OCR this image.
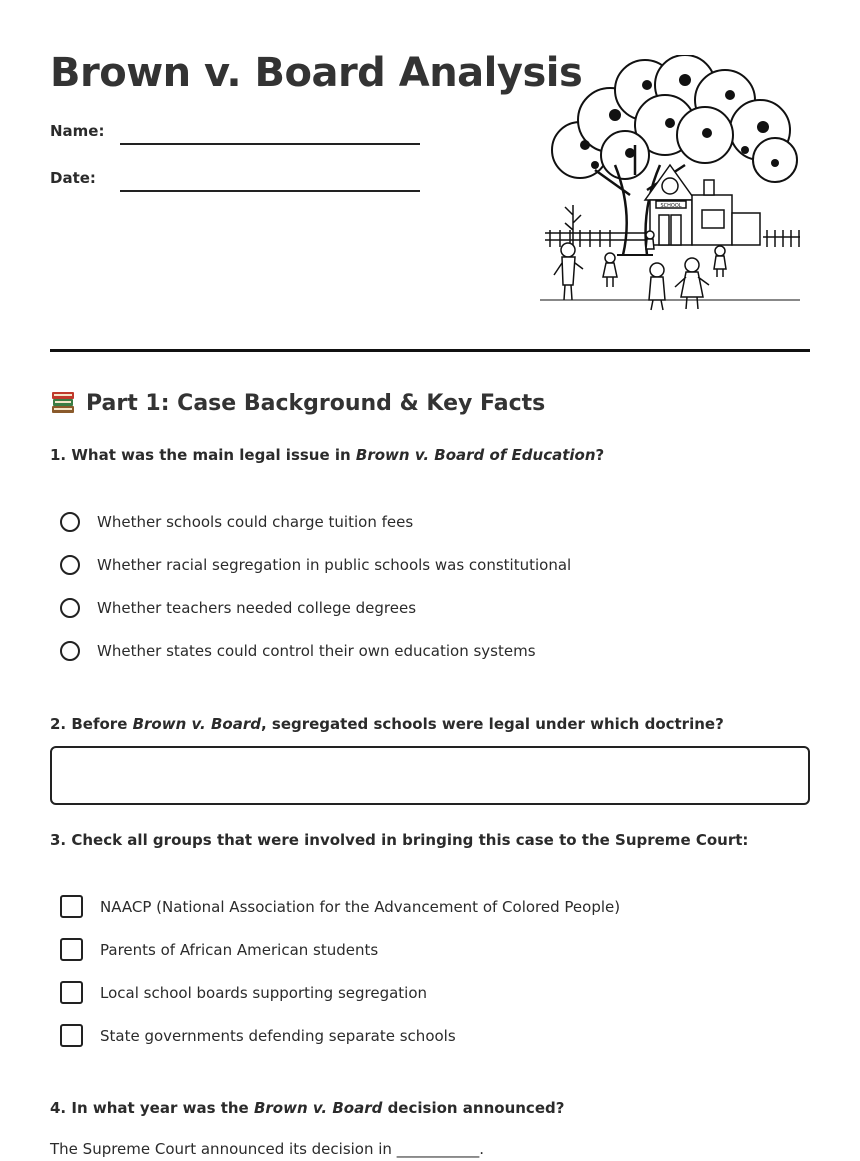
Brown v. Board Analysis
Name:
Date:
SCHOOL
Part 1: Case Background & Key Facts

1. What was the main legal issue in Brown v. Board of Education?

Whether schools could charge tuition fees
Whether racial segregation in public schools was constitutional
Whether teachers needed college degrees
Whether states could control their own education systems

2. Before Brown v. Board, segregated schools were legal under which doctrine?

3. Check all groups that were involved in bringing this case to the Supreme Court:

NAACP (National Association for the Advancement of Colored People)
Parents of African American students
Local school boards supporting segregation
State governments defending separate schools

4. In what year was the Brown v. Board decision announced?

The Supreme Court announced its decision in ___________.
